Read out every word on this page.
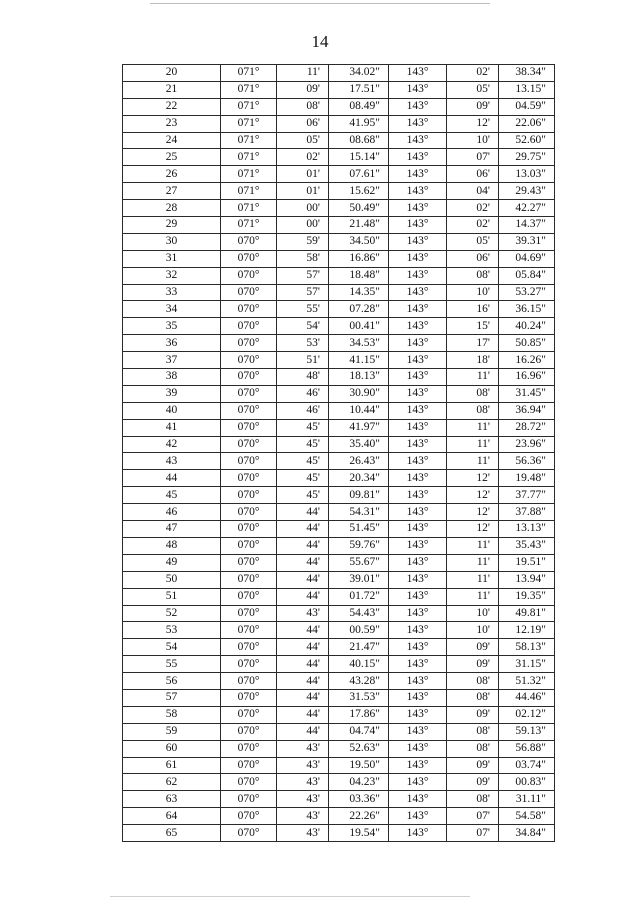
14
20	071°	11'	34.02"	143°	02'	38.34"
21	071°	09'	17.51"	143°	05'	13.15"
22	071°	08'	08.49"	143°	09'	04.59"
23	071°	06'	41.95"	143°	12'	22.06"
24	071°	05'	08.68"	143°	10'	52.60"
25	071°	02'	15.14"	143°	07'	29.75"
26	071°	01'	07.61"	143°	06'	13.03"
27	071°	01'	15.62"	143°	04'	29.43"
28	071°	00'	50.49"	143°	02'	42.27"
29	071°	00'	21.48"	143°	02'	14.37"
30	070°	59'	34.50"	143°	05'	39.31"
31	070°	58'	16.86"	143°	06'	04.69"
32	070°	57'	18.48"	143°	08'	05.84"
33	070°	57'	14.35"	143°	10'	53.27"
34	070°	55'	07.28"	143°	16'	36.15"
35	070°	54'	00.41"	143°	15'	40.24"
36	070°	53'	34.53"	143°	17'	50.85"
37	070°	51'	41.15"	143°	18'	16.26"
38	070°	48'	18.13"	143°	11'	16.96"
39	070°	46'	30.90"	143°	08'	31.45"
40	070°	46'	10.44"	143°	08'	36.94"
41	070°	45'	41.97"	143°	11'	28.72"
42	070°	45'	35.40"	143°	11'	23.96"
43	070°	45'	26.43"	143°	11'	56.36"
44	070°	45'	20.34"	143°	12'	19.48"
45	070°	45'	09.81"	143°	12'	37.77"
46	070°	44'	54.31"	143°	12'	37.88"
47	070°	44'	51.45"	143°	12'	13.13"
48	070°	44'	59.76"	143°	11'	35.43"
49	070°	44'	55.67"	143°	11'	19.51"
50	070°	44'	39.01"	143°	11'	13.94"
51	070°	44'	01.72"	143°	11'	19.35"
52	070°	43'	54.43"	143°	10'	49.81"
53	070°	44'	00.59"	143°	10'	12.19"
54	070°	44'	21.47"	143°	09'	58.13"
55	070°	44'	40.15"	143°	09'	31.15"
56	070°	44'	43.28"	143°	08'	51.32"
57	070°	44'	31.53"	143°	08'	44.46"
58	070°	44'	17.86"	143°	09'	02.12"
59	070°	44'	04.74"	143°	08'	59.13"
60	070°	43'	52.63"	143°	08'	56.88"
61	070°	43'	19.50"	143°	09'	03.74"
62	070°	43'	04.23"	143°	09'	00.83"
63	070°	43'	03.36"	143°	08'	31.11"
64	070°	43'	22.26"	143°	07'	54.58"
65	070°	43'	19.54"	143°	07'	34.84"
